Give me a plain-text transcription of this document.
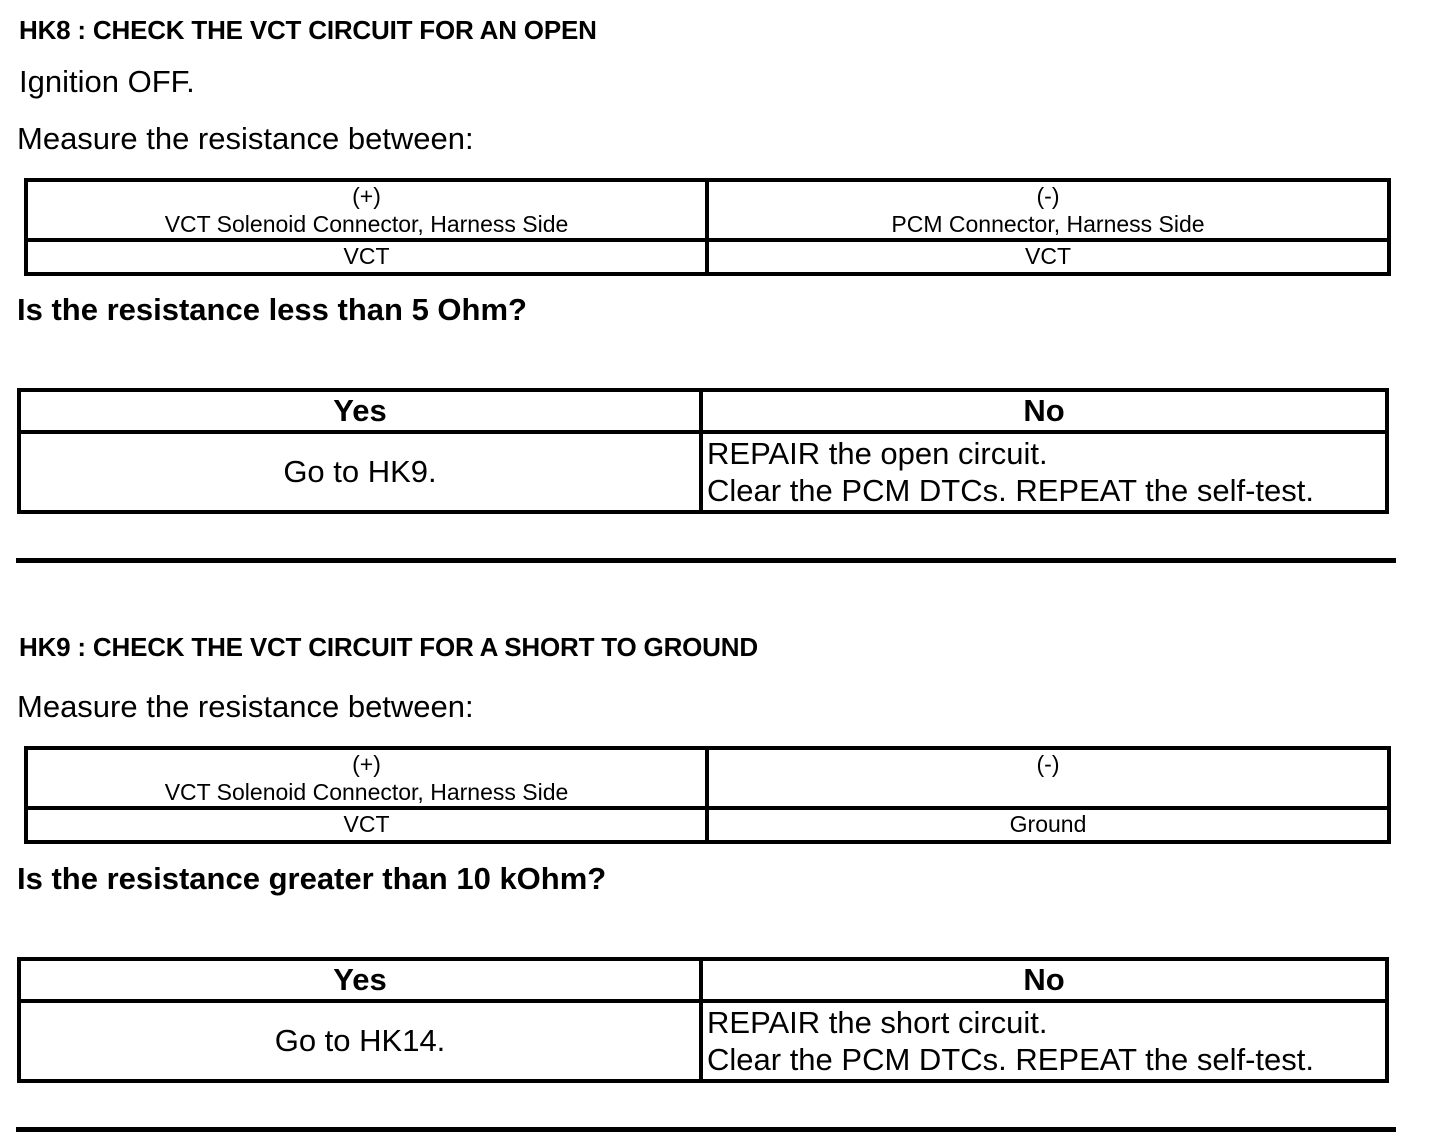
HK8 : CHECK THE VCT CIRCUIT FOR AN OPEN
Ignition OFF.
Measure the resistance between:
(+)
VCT Solenoid Connector, Harness Side	(-)
PCM Connector, Harness Side

VCT	VCT
Is the resistance less than 5 Ohm?
Yes	No
Go to HK9.	REPAIR the open circuit.
Clear the PCM DTCs. REPEAT the self-test.
HK9 : CHECK THE VCT CIRCUIT FOR A SHORT TO GROUND
Measure the resistance between:
(+)
VCT Solenoid Connector, Harness Side	(-)

VCT	Ground
Is the resistance greater than 10 kOhm?
Yes	No
Go to HK14.	REPAIR the short circuit.
Clear the PCM DTCs. REPEAT the self-test.
